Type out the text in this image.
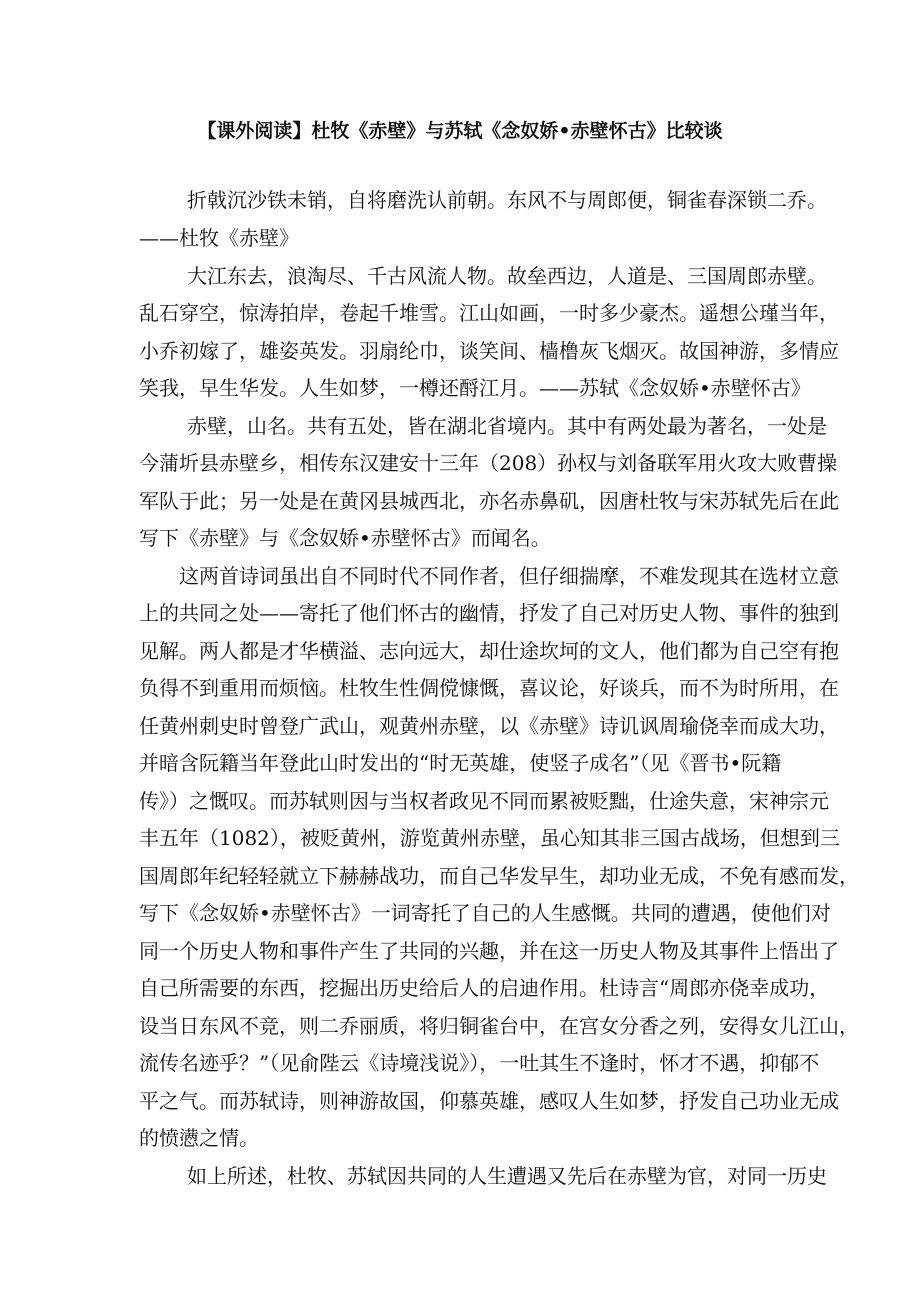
【课外阅读】杜牧《赤壁》与苏轼《念奴娇•赤壁怀古》比较谈
折戟沉沙铁未销，自将磨洗认前朝。东风不与周郎便，铜雀春深锁二乔。
——杜牧《赤壁》
大江东去，浪淘尽、千古风流人物。故垒西边，人道是、三国周郎赤壁。
乱石穿空，惊涛拍岸，卷起千堆雪。江山如画，一时多少豪杰。遥想公瑾当年，
小乔初嫁了，雄姿英发。羽扇纶巾，谈笑间、樯橹灰飞烟灭。故国神游，多情应
笑我，早生华发。人生如梦，一樽还酹江月。——苏轼《念奴娇•赤壁怀古》
赤壁，山名。共有五处，皆在湖北省境内。其中有两处最为著名，一处是
今蒲圻县赤壁乡，相传东汉建安十三年（208）孙权与刘备联军用火攻大败曹操
军队于此；另一处是在黄冈县城西北，亦名赤鼻矶，因唐杜牧与宋苏轼先后在此
写下《赤壁》与《念奴娇•赤壁怀古》而闻名。
这两首诗词虽出自不同时代不同作者，但仔细揣摩，不难发现其在选材立意
上的共同之处——寄托了他们怀古的幽情，抒发了自己对历史人物、事件的独到
见解。两人都是才华横溢、志向远大，却仕途坎坷的文人，他们都为自己空有抱
负得不到重用而烦恼。杜牧生性倜傥慷慨，喜议论，好谈兵，而不为时所用，在
任黄州刺史时曾登广武山，观黄州赤壁，以《赤壁》诗讥讽周瑜侥幸而成大功，
并暗含阮籍当年登此山时发出的“时无英雄，使竖子成名”（见《晋书•阮籍
传》）之慨叹。而苏轼则因与当权者政见不同而累被贬黜，仕途失意，宋神宗元
丰五年（1082），被贬黄州，游览黄州赤壁，虽心知其非三国古战场，但想到三
国周郎年纪轻轻就立下赫赫战功，而自己华发早生，却功业无成，不免有感而发，
写下《念奴娇•赤壁怀古》一词寄托了自己的人生感慨。共同的遭遇，使他们对
同一个历史人物和事件产生了共同的兴趣，并在这一历史人物及其事件上悟出了
自己所需要的东西，挖掘出历史给后人的启迪作用。杜诗言“周郎亦侥幸成功，
设当日东风不竞，则二乔丽质，将归铜雀台中，在宫女分香之列，安得女儿江山，
流传名迹乎？”（见俞陛云《诗境浅说》），一吐其生不逢时，怀才不遇，抑郁不
平之气。而苏轼诗，则神游故国，仰慕英雄，感叹人生如梦，抒发自己功业无成
的愤懑之情。
如上所述，杜牧、苏轼因共同的人生遭遇又先后在赤壁为官，对同一历史
